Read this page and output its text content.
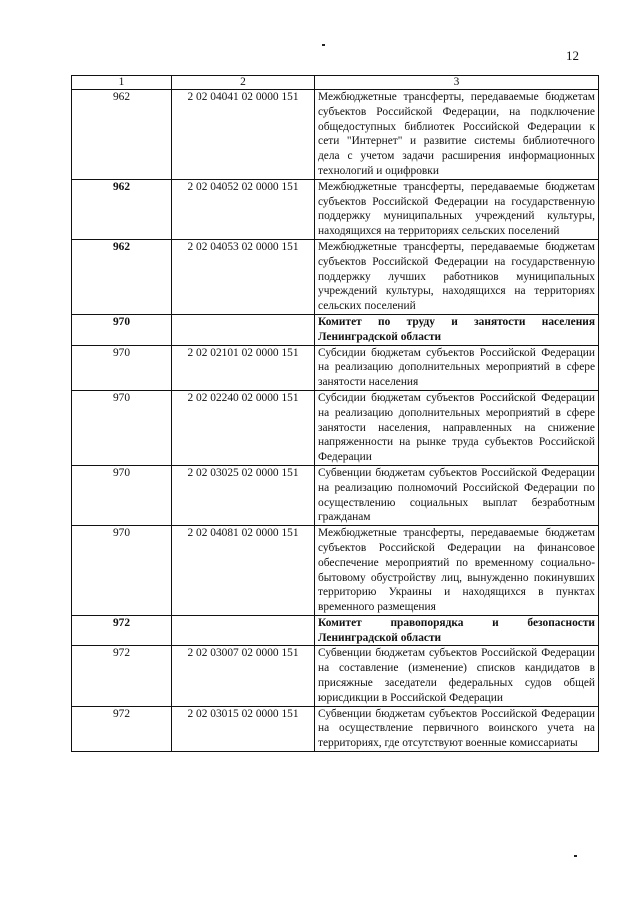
12
1	2	3
962	2 02 04041 02 0000 151	Межбюджетные трансферты, передаваемые бюджетам субъектов Российской Федерации, на подключение общедоступных библиотек Российской Федерации к сети "Интернет" и развитие системы библиотечного дела с учетом задачи расширения информационных технологий и оцифровки
962	2 02 04052 02 0000 151	Межбюджетные трансферты, передаваемые бюджетам субъектов Российской Федерации на государственную поддержку муниципальных учреждений культуры, находящихся на территориях сельских поселений
962	2 02 04053 02 0000 151	Межбюджетные трансферты, передаваемые бюджетам субъектов Российской Федерации на государственную поддержку лучших работников муниципальных учреждений культуры, находящихся на территориях сельских поселений
970		Комитет по труду и занятости населения Ленинградской области
970	2 02 02101 02 0000 151	Субсидии бюджетам субъектов Российской Федерации на реализацию дополнительных мероприятий в сфере занятости населения
970	2 02 02240 02 0000 151	Субсидии бюджетам субъектов Российской Федерации на реализацию дополнительных мероприятий в сфере занятости населения, направленных на снижение напряженности на рынке труда субъектов Российской Федерации
970	2 02 03025 02 0000 151	Субвенции бюджетам субъектов Российской Федерации на реализацию полномочий Российской Федерации по осуществлению социальных выплат безработным гражданам
970	2 02 04081 02 0000 151	Межбюджетные трансферты, передаваемые бюджетам субъектов Российской Федерации на финансовое обеспечение мероприятий по временному социально-бытовому обустройству лиц, вынужденно покинувших территорию Украины и находящихся в пунктах временного размещения
972		Комитет правопорядка и безопасности Ленинградской области
972	2 02 03007 02 0000 151	Субвенции бюджетам субъектов Российской Федерации на составление (изменение) списков кандидатов в присяжные заседатели федеральных судов общей юрисдикции в Российской Федерации
972	2 02 03015 02 0000 151	Субвенции бюджетам субъектов Российской Федерации на осуществление первичного воинского учета на территориях, где отсутствуют военные комиссариаты
